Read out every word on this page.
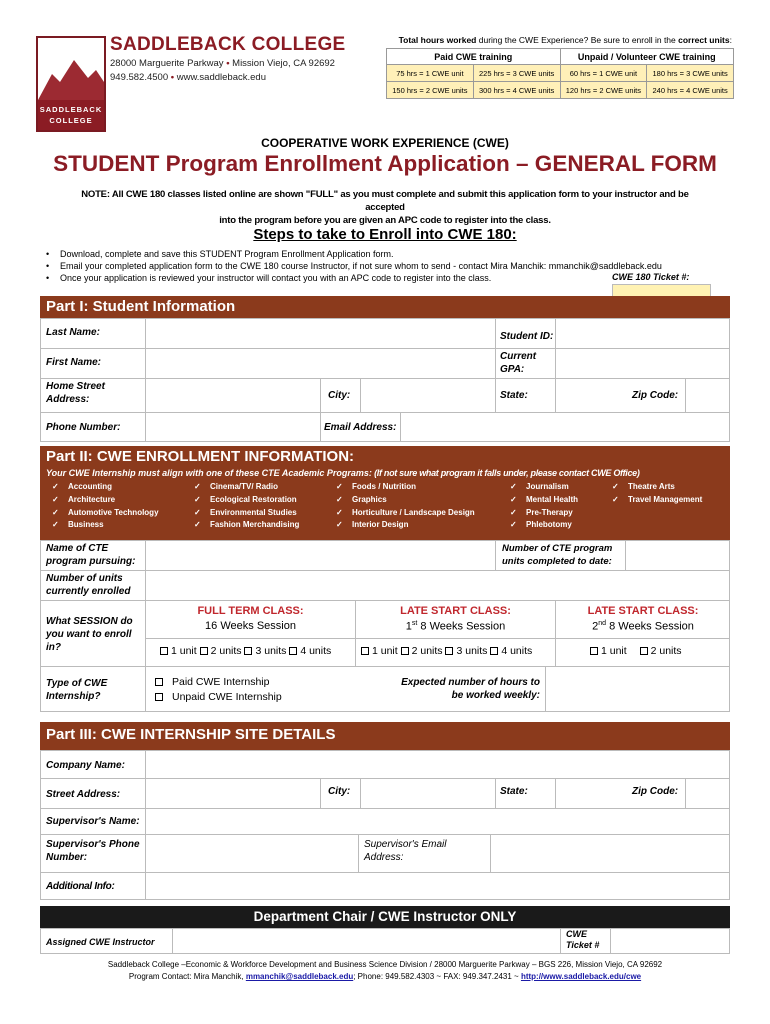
SADDLEBACK
COLLEGE
SADDLEBACK COLLEGE
28000 Marguerite Parkway • Mission Viejo, CA 92692
949.582.4500 • www.saddleback.edu
Total hours worked during the CWE Experience? Be sure to enroll in the correct units:
Paid CWE training		Unpaid / Volunteer CWE training	
75 hrs = 1 CWE unit	225 hrs = 3 CWE units	60 hrs = 1 CWE unit	180 hrs = 3 CWE units
150 hrs = 2 CWE units	300 hrs = 4 CWE units	120 hrs = 2 CWE units	240 hrs = 4 CWE units
COOPERATIVE WORK EXPERIENCE (CWE)
STUDENT Program Enrollment Application – GENERAL FORM
NOTE: All CWE 180 classes listed online are shown "FULL" as you must complete and submit this application form to your instructor and be accepted
into the program before you are given an APC code to register into the class.
Steps to take to Enroll into CWE 180:
• Download, complete and save this STUDENT Program Enrollment Application form.
• Email your completed application form to the CWE 180 course Instructor, if not sure whom to send - contact Mira Manchik: mmanchik@saddleback.edu
• Once your application is reviewed your instructor will contact you with an APC code to register into the class.	CWE 180 Ticket #:
Part I: Student Information
Last Name:	Student ID:
First Name:
Current GPA:
Home Street Address:	City:	State:	Zip Code:
Phone Number:	Email Address:
Part II: CWE ENROLLMENT INFORMATION:
Your CWE Internship must align with one of these CTE Academic Programs: (If not sure what program it falls under, please contact CWE Office)
✓ Accounting
✓ Architecture
✓ Automotive Technology
✓ Business
✓ Cinema/TV/ Radio
✓ Ecological Restoration
✓ Environmental Studies
✓ Fashion Merchandising
✓ Foods / Nutrition
✓ Graphics
✓ Horticulture / Landscape Design
✓ Interior Design
✓ Journalism
✓ Mental Health
✓ Pre-Therapy
✓ Phlebotomy
✓ Theatre Arts
✓ Travel Management
Name of CTE program pursuing:
Number of CTE program units completed to date:
Number of units currently enrolled
What SESSION do you want to enroll in?
FULL TERM CLASS:
16 Weeks Session
LATE START CLASS:
1st 8 Weeks Session
LATE START CLASS:
2nd 8 Weeks Session
1 unit 2 units 3 units 4 units	1 unit 2 units 3 units 4 units	1 unit 2 units
Type of CWE Internship?
Paid CWE Internship
Unpaid CWE Internship
Expected number of hours to be worked weekly:
Part III: CWE INTERNSHIP SITE DETAILS
Company Name:
Street Address:	City:	State:	Zip Code:
Supervisor's Name:
Supervisor's Phone Number:
Supervisor's Email Address:
Additional Info:
Department Chair / CWE Instructor ONLY
Assigned CWE Instructor
CWE Ticket #
Saddleback College –Economic & Workforce Development and Business Science Division / 28000 Marguerite Parkway – BGS 226, Mission Viejo, CA 92692
Program Contact: Mira Manchik, mmanchik@saddleback.edu; Phone: 949.582.4303 ~ FAX: 949.347.2431 ~ http://www.saddleback.edu/cwe
